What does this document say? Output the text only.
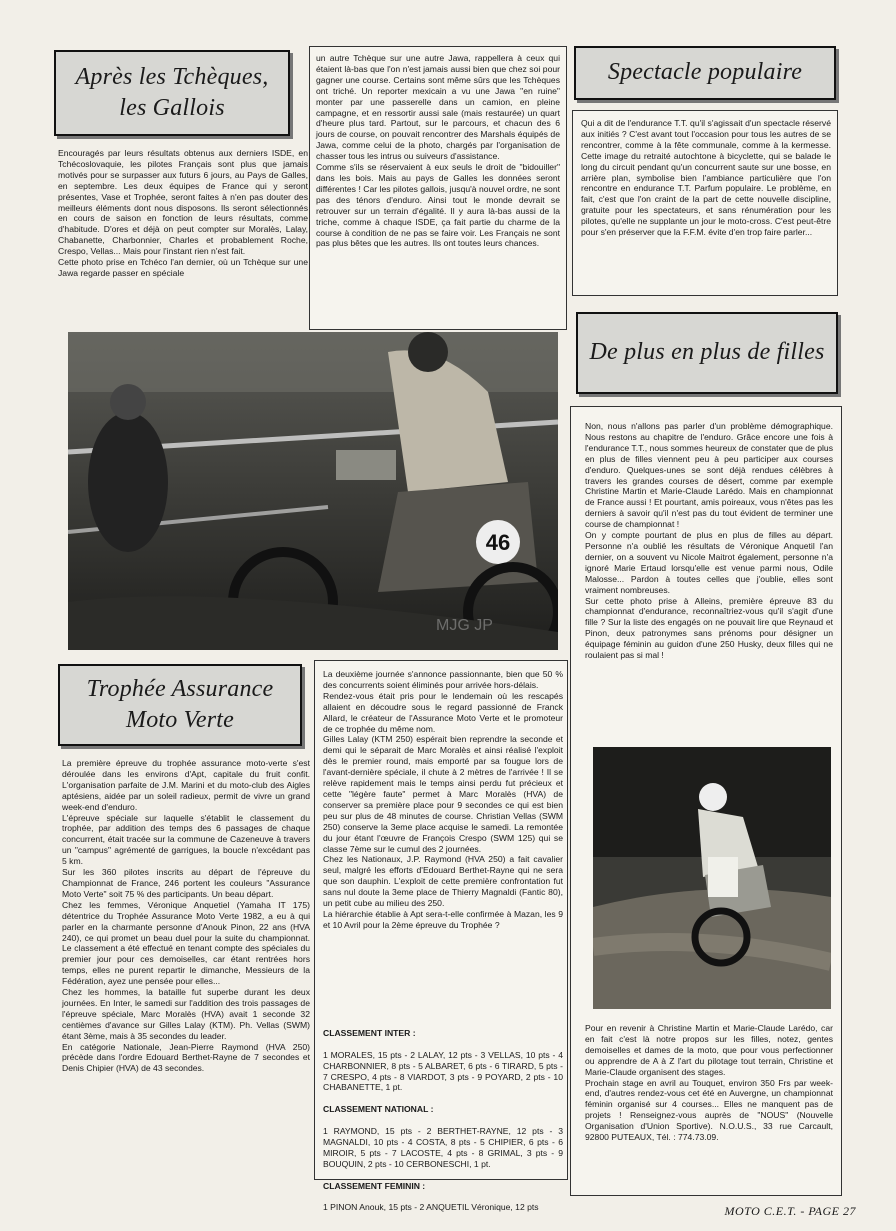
Après les Tchèques,
les Gallois

Encouragés par leurs résultats obtenus aux derniers ISDE, en Tchécoslovaquie, les pilotes Français sont plus que jamais motivés pour se surpasser aux futurs 6 jours, au Pays de Galles, en septembre. Les deux équipes de France qui y seront présentes, Vase et Trophée, seront faites à n'en pas douter des meilleurs éléments dont nous disposons. Ils seront sélectionnés en cours de saison en fonction de leurs résultats, comme d'habitude. D'ores et déjà on peut compter sur Moralès, Lalay, Chabanette, Charbonnier, Charles et probablement Roche, Crespo, Vellas... Mais pour l'instant rien n'est fait.
Cette photo prise en Tchéco l'an dernier, où un Tchèque sur une Jawa regarde passer en spéciale

un autre Tchèque sur une autre Jawa, rappellera à ceux qui étaient là-bas que l'on n'est jamais aussi bien que chez soi pour gagner une course. Certains sont même sûrs que les Tchèques ont triché. Un reporter mexicain a vu une Jawa "en ruine" monter par une passerelle dans un camion, en pleine campagne, et en ressortir aussi sale (mais restaurée) un quart d'heure plus tard. Partout, sur le parcours, et chacun des 6 jours de course, on pouvait rencontrer des Marshals équipés de Jawa, comme celui de la photo, chargés par l'organisation de chasser tous les intrus ou suiveurs d'assistance.
Comme s'ils se réservaient à eux seuls le droit de "bidouiller" dans les bois. Mais au pays de Galles les données seront différentes ! Car les pilotes gallois, jusqu'à nouvel ordre, ne sont pas des ténors d'enduro. Ainsi tout le monde devrait se retrouver sur un terrain d'égalité. Il y aura là-bas aussi de la triche, comme à chaque ISDE, ça fait partie du charme de la course à condition de ne pas se faire voir. Les Français ne sont pas plus bêtes que les autres. Ils ont toutes leurs chances.

46
MJG JP
Spectacle populaire

Qui a dit de l'endurance T.T. qu'il s'agissait d'un spectacle réservé aux initiés ? C'est avant tout l'occasion pour tous les autres de se rencontrer, comme à la fête communale, comme à la kermesse. Cette image du retraité autochtone à bicyclette, qui se balade le long du circuit pendant qu'un concurrent saute sur une bosse, en arrière plan, symbolise bien l'ambiance particulière que l'on rencontre en endurance T.T. Parfum populaire. Le problème, en fait, c'est que l'on craint de la part de cette nouvelle discipline, gratuite pour les spectateurs, et sans rénumération pour les pilotes, qu'elle ne supplante un jour le moto-cross. C'est peut-être pour s'en préserver que la F.F.M. évite d'en trop faire parler...

De plus en plus de filles

Non, nous n'allons pas parler d'un problème démographique. Nous restons au chapitre de l'enduro. Grâce encore une fois à l'endurance T.T., nous sommes heureux de constater que de plus en plus de filles viennent peu à peu participer aux courses d'enduro. Quelques-unes se sont déjà rendues célèbres à travers les grandes courses de désert, comme par exemple Christine Martin et Marie-Claude Larédo. Mais en championnat de France aussi ! Et pourtant, amis poireaux, vous n'êtes pas les derniers à savoir qu'il n'est pas du tout évident de terminer une course de championnat !
On y compte pourtant de plus en plus de filles au départ. Personne n'a oublié les résultats de Véronique Anquetil l'an dernier, on a souvent vu Nicole Maitrot également, personne n'a ignoré Marie Ertaud lorsqu'elle est venue parmi nous, Odile Malosse... Pardon à toutes celles que j'oublie, elles sont vraiment nombreuses.
Sur cette photo prise à Alleins, première épreuve 83 du championnat d'endurance, reconnaîtriez-vous qu'il s'agit d'une fille ? Sur la liste des engagés on ne pouvait lire que Reynaud et Pinon, deux patronymes sans prénoms pour désigner un équipage féminin au guidon d'une 250 Husky, deux filles qui ne roulaient pas si mal !

Pour en revenir à Christine Martin et Marie-Claude Larédo, car en fait c'est là notre propos sur les filles, notez, gentes demoiselles et dames de la moto, que pour vous perfectionner ou apprendre de A à Z l'art du pilotage tout terrain, Christine et Marie-Claude organisent des stages.
Prochain stage en avril au Touquet, environ 350 Frs par week-end, d'autres rendez-vous cet été en Auvergne, un championnat féminin organisé sur 4 courses... Elles ne manquent pas de projets ! Renseignez-vous auprès de "NOUS" (Nouvelle Organisation d'Union Sportive). N.O.U.S., 33 rue Carcault, 92800 PUTEAUX, Tél. : 774.73.09.

Trophée Assurance
Moto Verte

La première épreuve du trophée assurance moto-verte s'est déroulée dans les environs d'Apt, capitale du fruit confit. L'organisation parfaite de J.M. Marini et du moto-club des Aigles aptésiens, aidée par un soleil radieux, permit de vivre un grand week-end d'enduro.
L'épreuve spéciale sur laquelle s'établit le classement du trophée, par addition des temps des 6 passages de chaque concurrent, était tracée sur la commune de Cazeneuve à travers un "campus" agrémenté de garrigues, la boucle n'excédant pas 5 km.
Sur les 360 pilotes inscrits au départ de l'épreuve du Championnat de France, 246 portent les couleurs "Assurance Moto Verte" soit 75 % des participants. Un beau départ.
Chez les femmes, Véronique Anquetiel (Yamaha IT 175) détentrice du Trophée Assurance Moto Verte 1982, a eu à qui parler en la charmante personne d'Anouk Pinon, 22 ans (HVA 240), ce qui promet un beau duel pour la suite du championnat. Le classement a été effectué en tenant compte des spéciales du premier jour pour ces demoiselles, car étant rentrées hors temps, elles ne purent repartir le dimanche, Messieurs de la Fédération, ayez une pensée pour elles...
Chez les hommes, la bataille fut superbe durant les deux journées. En Inter, le samedi sur l'addition des trois passages de l'épreuve spéciale, Marc Moralès (HVA) avait 1 seconde 32 centièmes d'avance sur Gilles Lalay (KTM). Ph. Vellas (SWM) étant 3ème, mais à 35 secondes du leader.
En catégorie Nationale, Jean-Pierre Raymond (HVA 250) précède dans l'ordre Edouard Berthet-Rayne de 7 secondes et Denis Chipier (HVA) de 43 secondes.

La deuxième journée s'annonce passionnante, bien que 50 % des concurrents soient éliminés pour arrivée hors-délais.
Rendez-vous était pris pour le lendemain où les rescapés allaient en découdre sous le regard passionné de Franck Allard, le créateur de l'Assurance Moto Verte et le promoteur de ce trophée du même nom.
Gilles Lalay (KTM 250) espérait bien reprendre la seconde et demi qui le séparait de Marc Moralès et ainsi réalisé l'exploit dès le premier round, mais emporté par sa fougue lors de l'avant-dernière spéciale, il chute à 2 mètres de l'arrivée ! Il se relève rapidement mais le temps ainsi perdu fut précieux et cette "légère faute" permet à Marc Moralès (HVA) de conserver sa première place pour 9 secondes ce qui est bien peu sur plus de 48 minutes de course. Christian Vellas (SWM 250) conserve la 3eme place acquise le samedi. La remontée du jour étant l'œuvre de François Crespo (SWM 125) qui se classe 7ème sur le cumul des 2 journées.
Chez les Nationaux, J.P. Raymond (HVA 250) a fait cavalier seul, malgré les efforts d'Edouard Berthet-Rayne qui ne sera que son dauphin. L'exploit de cette première confrontation fut sans nul doute la 3eme place de Thierry Magnaldi (Fantic 80), un petit cube au milieu des 250.
La hiérarchie établie à Apt sera-t-elle confirmée à Mazan, les 9 et 10 Avril pour la 2ème épreuve du Trophée ?

CLASSEMENT INTER :

1 MORALES, 15 pts - 2 LALAY, 12 pts - 3 VELLAS, 10 pts - 4 CHARBONNIER, 8 pts - 5 ALBARET, 6 pts - 6 TIRARD, 5 pts - 7 CRESPO, 4 pts - 8 VIARDOT, 3 pts - 9 POYARD, 2 pts - 10 CHABANETTE, 1 pt.

CLASSEMENT NATIONAL :

1 RAYMOND, 15 pts - 2 BERTHET-RAYNE, 12 pts - 3 MAGNALDI, 10 pts - 4 COSTA, 8 pts - 5 CHIPIER, 6 pts - 6 MIROIR, 5 pts - 7 LACOSTE, 4 pts - 8 GRIMAL, 3 pts - 9 BOUQUIN, 2 pts - 10 CERBONESCHI, 1 pt.

CLASSEMENT FEMININ :

1 PINON Anouk, 15 pts - 2 ANQUETIL Véronique, 12 pts	MOTO C.E.T. - PAGE 27
